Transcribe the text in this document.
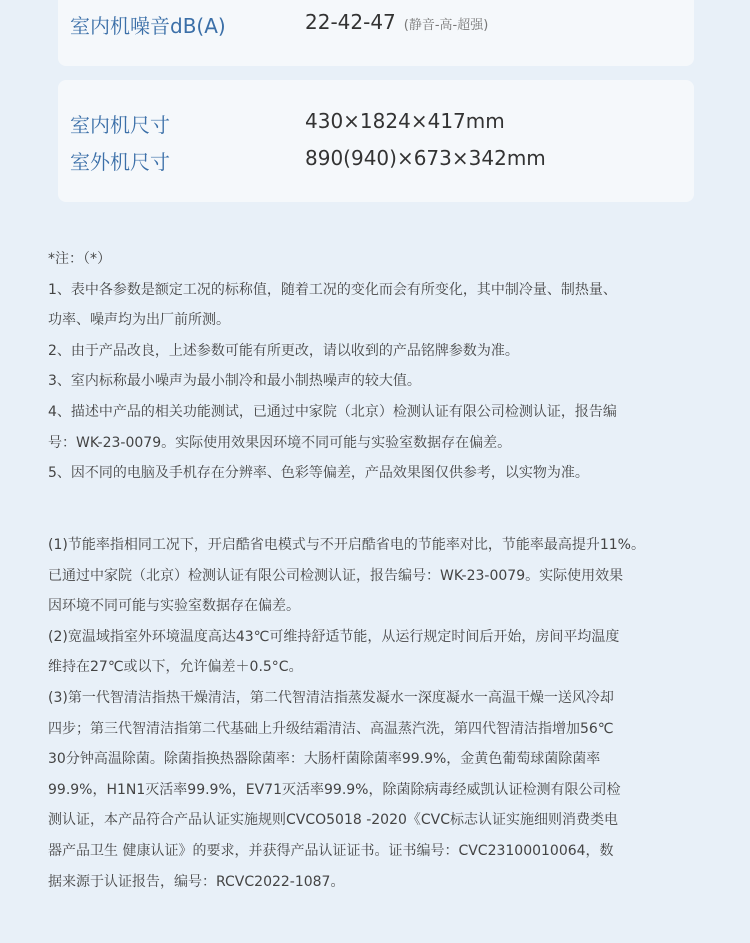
室内机噪音dB(A)	22-42-47 (静音-高-超强)
室内机尺寸	430×1824×417mm
室外机尺寸	890(940)×673×342mm

*注：（*）

1、表中各参数是额定工况的标称值，随着工况的变化而会有所变化，其中制冷量、制热量、

功率、噪声均为出厂前所测。

2、由于产品改良，上述参数可能有所更改，请以收到的产品铭牌参数为准。

3、室内标称最小噪声为最小制冷和最小制热噪声的较大值。

4、描述中产品的相关功能测试，已通过中家院（北京）检测认证有限公司检测认证，报告编

号：WK-23-0079。实际使用效果因环境不同可能与实验室数据存在偏差。

5、因不同的电脑及手机存在分辨率、色彩等偏差，产品效果图仅供参考，以实物为准。

(1)节能率指相同工况下，开启酷省电模式与不开启酷省电的节能率对比，节能率最高提升11%。

已通过中家院（北京）检测认证有限公司检测认证，报告编号：WK-23-0079。实际使用效果

因环境不同可能与实验室数据存在偏差。

(2)宽温域指室外环境温度高达43℃可维持舒适节能，从运行规定时间后开始，房间平均温度

维持在27℃或以下，允许偏差＋0.5°C。

(3)第一代智清洁指热干燥清洁，第二代智清洁指蒸发凝水一深度凝水一高温干燥一送风冷却

四步；第三代智清洁指第二代基础上升级结霜清洁、高温蒸汽洗，第四代智清洁指增加56℃

30分钟高温除菌。除菌指换热器除菌率：大肠杆菌除菌率99.9%，金黄色葡萄球菌除菌率

99.9%，H1N1灭活率99.9%，EV71灭活率99.9%，除菌除病毒经威凯认证检测有限公司检

测认证，本产品符合产品认证实施规则CVCO5018 -2020《CVC标志认证实施细则消费类电

器产品卫生 健康认证》的要求，并获得产品认证证书。证书编号：CVC23100010064，数

据来源于认证报告，编号：RCVC2022-1087。
